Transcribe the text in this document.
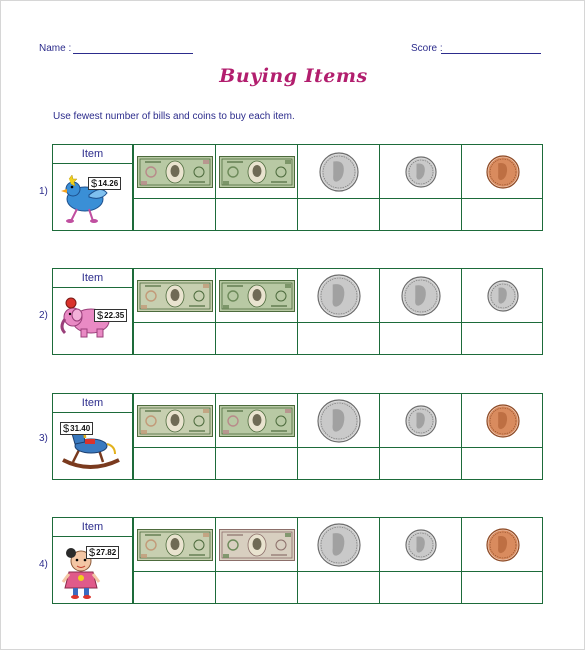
Name :	Score :
Buying Items
Use fewest number of bills and coins to buy each item.
1)
Item
$14.26
2)
Item
$22.35
3)
Item
$31.40
4)
Item
$27.82
